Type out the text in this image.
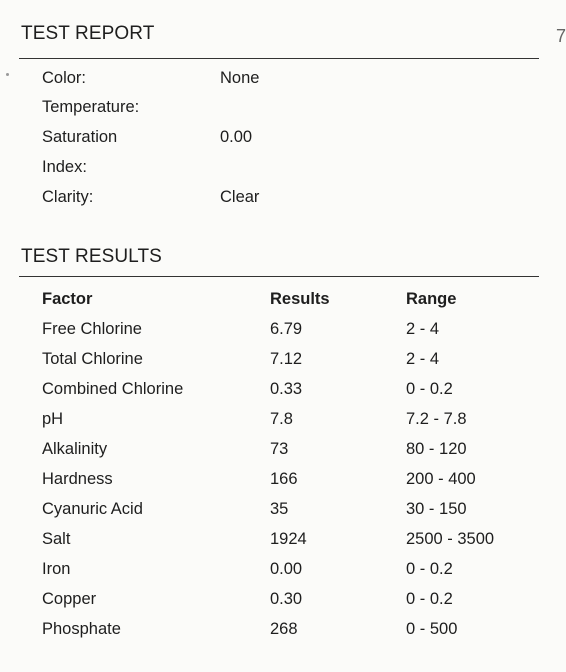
7
TEST REPORT
Color:	None
Temperature:
Saturation	0.00
Index:
Clarity:	Clear
TEST RESULTS
Factor	Results	Range
Free Chlorine	6.79	2 - 4
Total Chlorine	7.12	2 - 4
Combined Chlorine	0.33	0 - 0.2
pH	7.8	7.2 - 7.8
Alkalinity	73	80 - 120
Hardness	166	200 - 400
Cyanuric Acid	35	30 - 150
Salt	1924	2500 - 3500
Iron	0.00	0 - 0.2
Copper	0.30	0 - 0.2
Phosphate	268	0 - 500
